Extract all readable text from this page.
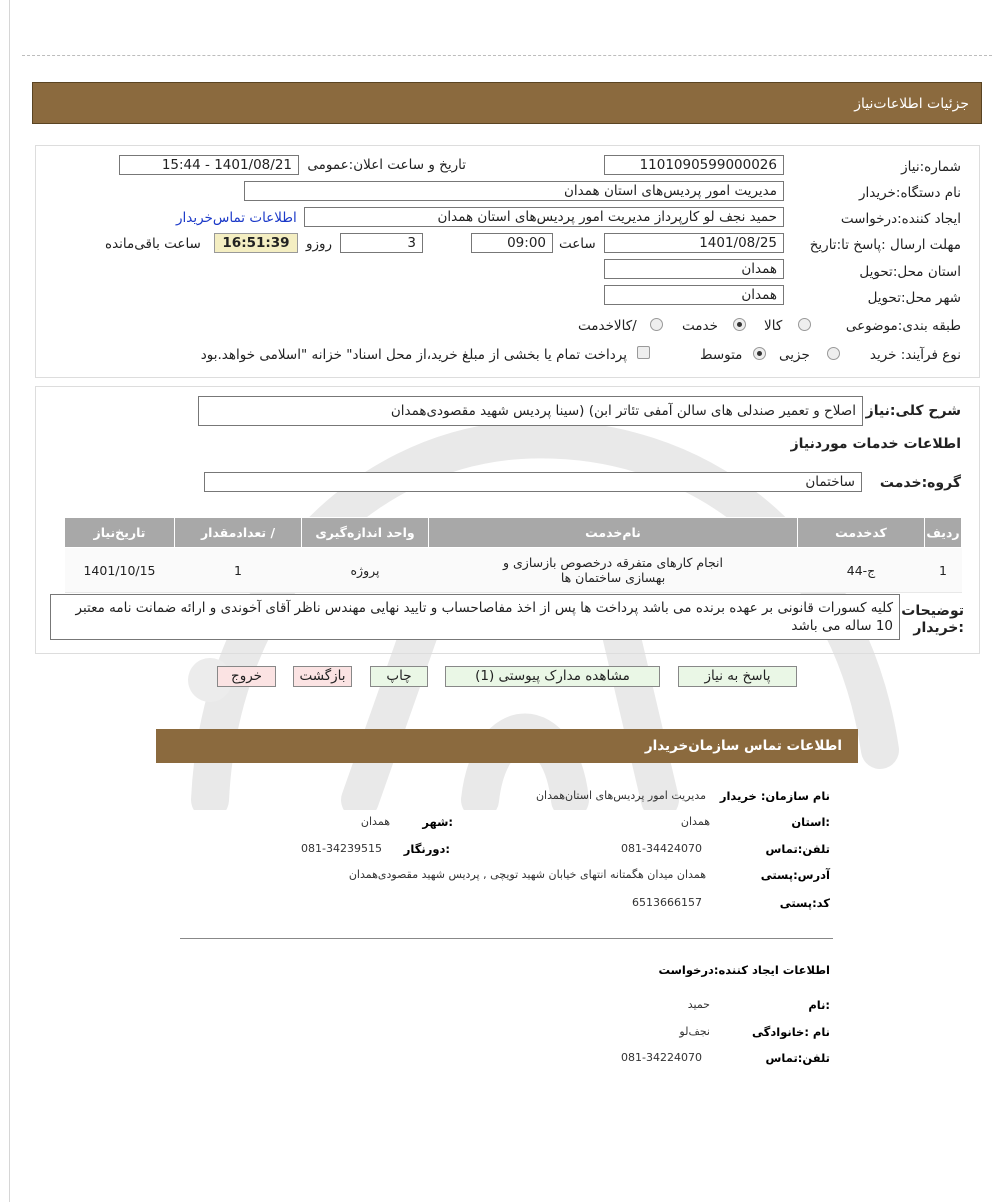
جزئیات اطلاعات‌نیاز
شماره:نیاز
1101090599000026
تاریخ و ساعت اعلان:عمومی
1401/08/21 - 15:44
نام دستگاه:خریدار
مدیریت امور پردیس‌های استان همدان
ایجاد کننده:درخواست
حمید نجف لو کارپرداز مدیریت امور پردیس‌های استان همدان
اطلاعات تماس‌خریدار
مهلت ارسال :پاسخ تا:تاریخ
1401/08/25
ساعت
09:00
3
روزو
16:51:39
ساعت باقی‌مانده
استان محل:تحویل
همدان
شهر محل:تحویل
همدان
طبقه بندی:موضوعی
کالا
خدمت
/کالاخدمت
نوع فرآیند: خرید
جزیی
متوسط
پرداخت تمام یا بخشی از مبلغ خرید،از محل اسناد" خزانه "اسلامی خواهد.بود
شرح کلی:نیاز
اصلاح و تعمیر صندلی های سالن آمفی تئاتر ابن) (سینا پردیس شهید مقصودی‌همدان
اطلاعات خدمات موردنیاز
گروه:خدمت
ساختمان
ردیف	کدخدمت	نام‌خدمت	واحد اندازه‌گیری	/ تعدادمقدار	تاریخ‌نیاز
1	ج-44	انجام کارهای متفرقه درخصوص بازسازی و بهسازی ساختمان ها	پروژه	1	1401/10/15
توضیحات :خریدار
کلیه کسورات قانونی بر عهده برنده می باشد پرداخت ها پس از اخذ مفاصاحساب و تایید نهایی مهندس ناظر آقای آخوندی و ارائه ضمانت نامه معتبر 10 ساله می باشد
پاسخ به نیاز
مشاهده مدارک پیوستی (1)
چاپ
بازگشت
خروج
اطلاعات تماس سازمان‌خریدار
نام سازمان: خریدار
مدیریت امور پردیس‌های استان‌همدان
:استان
همدان
:شهر
همدان
تلفن:تماس
081-34424070
:دورنگار
081-34239515
آدرس:پستی
همدان میدان هگمتانه انتهای خیابان شهید تویچی , پردیس شهید مقصودی‌همدان
کد:پستی
6513666157
اطلاعات ایجاد کننده:درخواست
:نام
حمید
نام :خانوادگی
نجف‌لو
تلفن:تماس
081-34224070
